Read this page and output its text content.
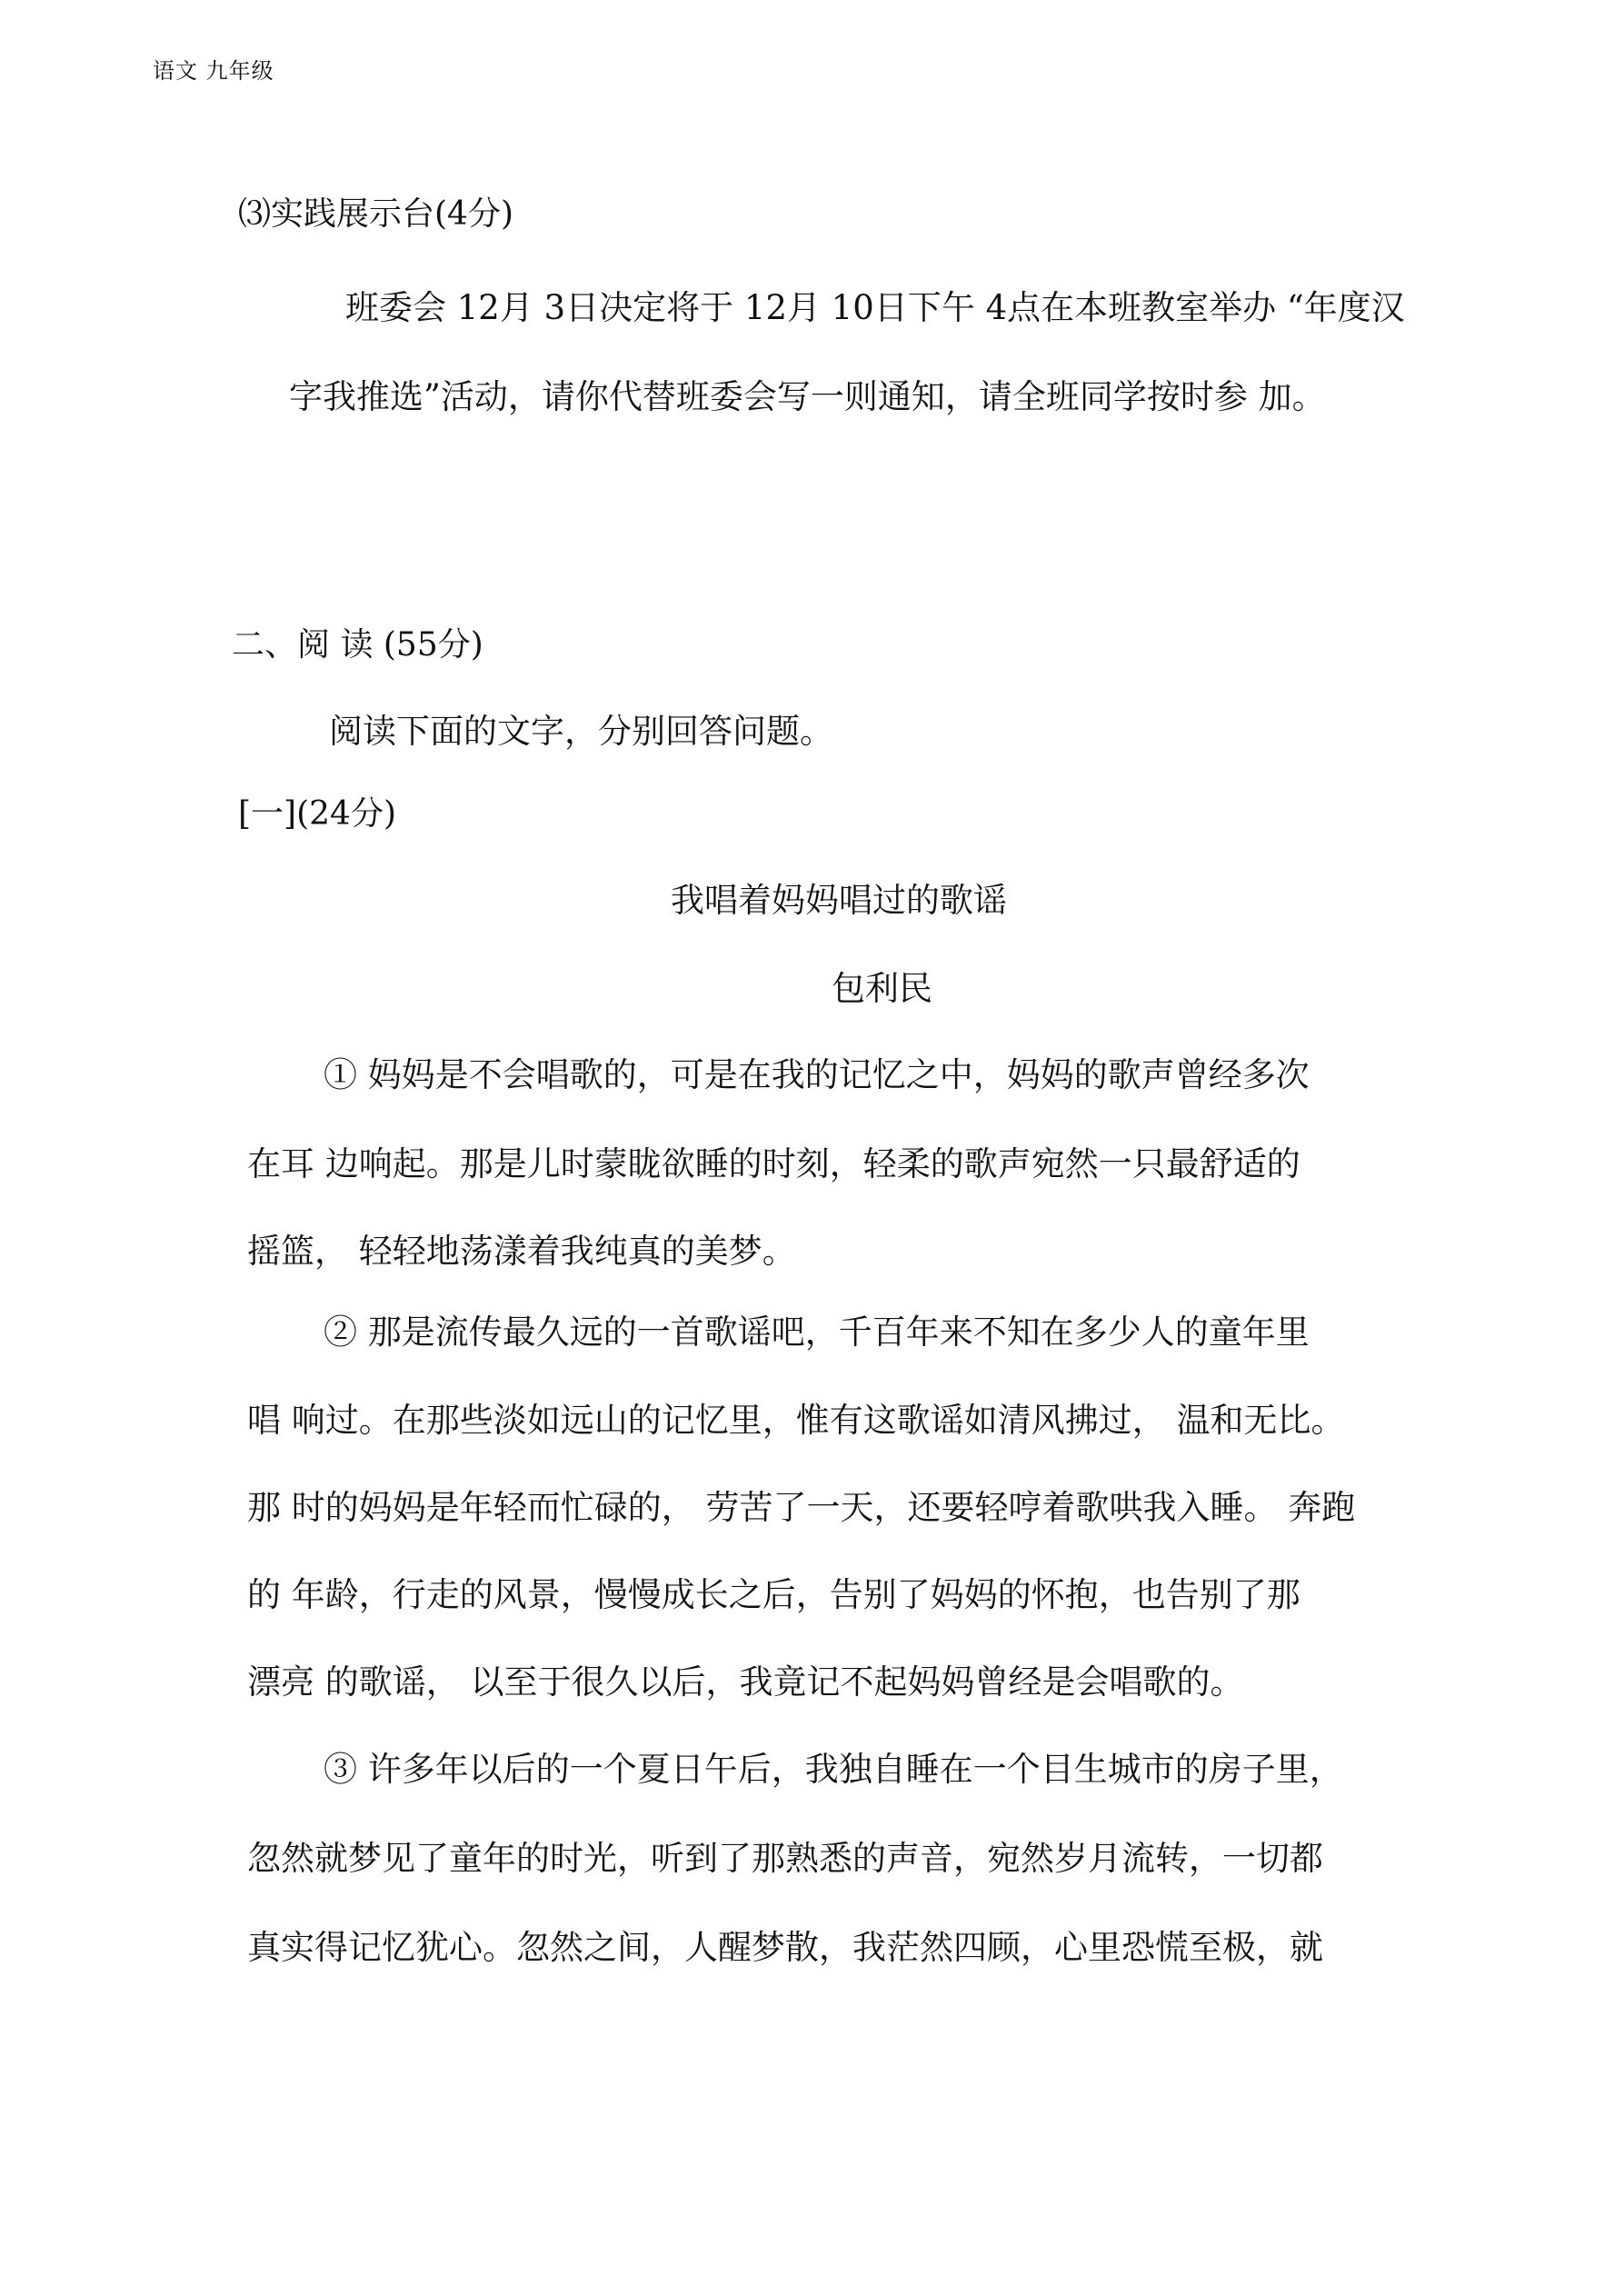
语文 九年级
⑶实践展示台(4分)
班委会 12月 3日决定将于 12月 10日下午 4点在本班教室举办 “年度汉
字我推选”活动，请你代替班委会写一则通知，请全班同学按时参 加。
二、阅 读 (55分)
阅读下面的文字，分别回答问题。
[一](24分)
我唱着妈妈唱过的歌谣
包利民
① 妈妈是不会唱歌的，可是在我的记忆之中，妈妈的歌声曾经多次
在耳 边响起。那是儿时蒙眬欲睡的时刻，轻柔的歌声宛然一只最舒适的
摇篮， 轻轻地荡漾着我纯真的美梦。
② 那是流传最久远的一首歌谣吧，千百年来不知在多少人的童年里
唱 响过。在那些淡如远山的记忆里，惟有这歌谣如清风拂过， 温和无比。
那 时的妈妈是年轻而忙碌的， 劳苦了一天，还要轻哼着歌哄我入睡。 奔跑
的 年龄，行走的风景，慢慢成长之后，告别了妈妈的怀抱，也告别了那
漂亮 的歌谣， 以至于很久以后，我竟记不起妈妈曾经是会唱歌的。
③ 许多年以后的一个夏日午后，我独自睡在一个目生城市的房子里，
忽然就梦见了童年的时光，听到了那熟悉的声音，宛然岁月流转，一切都
真实得记忆犹心。忽然之间，人醒梦散，我茫然四顾，心里恐慌至极，就
